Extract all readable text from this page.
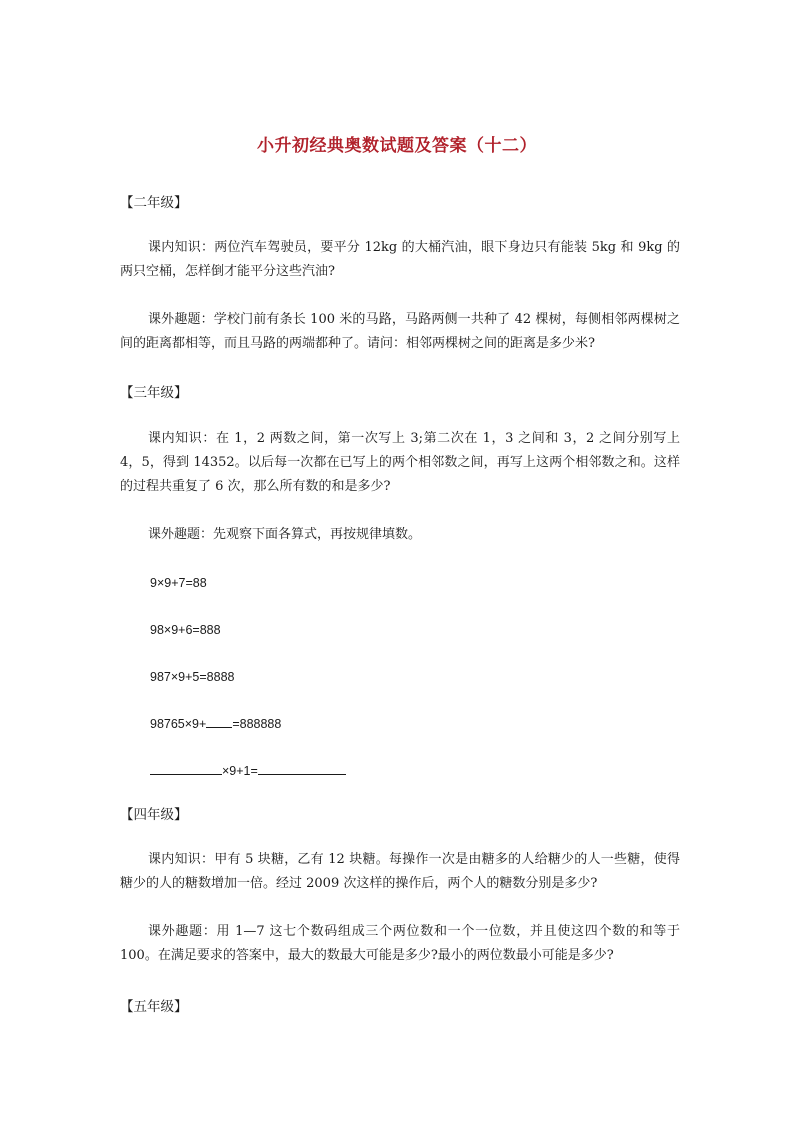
小升初经典奥数试题及答案（十二）
【二年级】
课内知识：两位汽车驾驶员，要平分 12kg 的大桶汽油，眼下身边只有能装 5kg 和 9kg 的两只空桶，怎样倒才能平分这些汽油?
课外趣题：学校门前有条长 100 米的马路，马路两侧一共种了 42 棵树，每侧相邻两棵树之间的距离都相等，而且马路的两端都种了。请问：相邻两棵树之间的距离是多少米?
【三年级】
课内知识：在 1，2 两数之间，第一次写上 3;第二次在 1，3 之间和 3，2 之间分别写上 4，5，得到 14352。以后每一次都在已写上的两个相邻数之间，再写上这两个相邻数之和。这样的过程共重复了 6 次，那么所有数的和是多少?
课外趣题：先观察下面各算式，再按规律填数。
9×9+7=88
98×9+6=888
987×9+5=8888
98765×9+ =888888
×9+1=
【四年级】
课内知识：甲有 5 块糖，乙有 12 块糖。每操作一次是由糖多的人给糖少的人一些糖，使得糖少的人的糖数增加一倍。经过 2009 次这样的操作后，两个人的糖数分别是多少?
课外趣题：用 1—7 这七个数码组成三个两位数和一个一位数，并且使这四个数的和等于 100。在满足要求的答案中，最大的数最大可能是多少?最小的两位数最小可能是多少?
【五年级】
